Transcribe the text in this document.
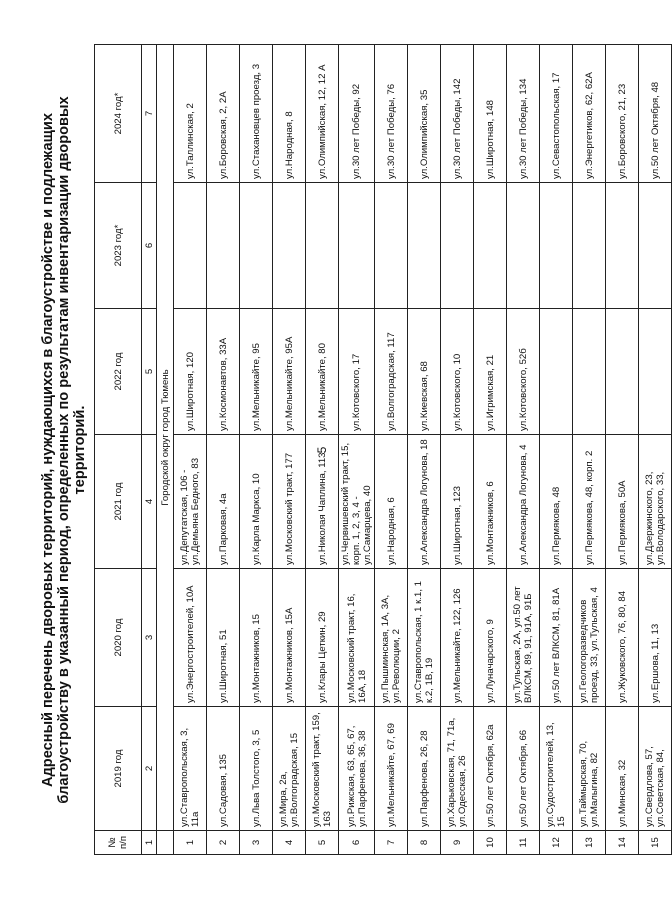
5
Адресный перечень дворовых территорий, нуждающихся в благоустройстве и подлежащих благоустройству в указанный период, определенных по результатам инвентаризации дворовых территорий.
№ п/п	2019 год	2020 год	2021 год	2022 год	2023 год*	2024 год*
1	2	3	4	5	6	7
	Городской округ город Тюмень					
1	ул.Ставропольская, 3, 11а	ул.Энергостроителей, 10А	ул.Депутатская, 106 - ул.Демьяна Бедного, 83	ул.Широтная, 120		ул.Таллинская, 2
2	ул.Садовая, 135	ул.Широтная, 51	ул.Парковая, 4а	ул.Космонавтов, 33А		ул.Боровская, 2, 2А
3	ул.Льва Толстого, 3, 5	ул.Монтажников, 15	ул.Карла Маркса, 10	ул.Мельникайте, 95		ул.Стахановцев проезд, 3
4	ул.Мира, 2а, ул.Волгоградская, 15	ул.Монтажников, 15А	ул.Московский тракт, 177	ул.Мельникайте, 95А		ул.Народная, 8
5	ул.Московский тракт, 159, 163	ул.Клары Цеткин, 29	ул.Николая Чаплина, 113	ул.Мельникайте, 80		ул.Олимпийская, 12, 12 А
6	ул.Рижская, 63, 65, 67, ул.Парфенова, 36, 38	ул.Московский тракт, 16, 16А, 18	ул.Червишевский тракт, 15, корп. 1, 2, 3, 4 - ул.Самарцева, 40	ул.Котовского, 17		ул.30 лет Победы, 92
7	ул.Мельникайте, 67, 69	ул.Пышминская, 1А, 3А, ул.Революции, 2	ул.Народная, 6	ул.Волгоградская, 117		ул.30 лет Победы, 76
8	ул.Парфенова, 26, 28	ул.Ставропольская, 1 к.1, 1 к.2, 1В, 19	ул.Александра Логунова, 18	ул.Киевская, 68		ул.Олимпийская, 35
9	ул.Харьковская, 71, 71а, ул.Одесская, 26	ул.Мельникайте, 122, 126	ул.Широтная, 123	ул.Котовского, 10		ул.30 лет Победы, 142
10	ул.50 лет Октября, 62а	ул.Луначарского, 9	ул.Монтажников, 6	ул.Игримская, 21		ул.Широтная, 148
11	ул.50 лет Октября, 66	ул.Тульская, 2А, ул.50 лет ВЛКСМ, 89, 91, 91А, 91Б	ул.Александра Логунова, 4	ул.Котовского, 52б		ул.30 лет Победы, 134
12	ул.Судостроителей, 13, 15	ул.50 лет ВЛКСМ, 81, 81А	ул.Пермякова, 48			ул.Севастопольская, 17
13	ул.Таймырская, 70, ул.Малыгина, 82	ул.Геологоразведчиков проезд, 33, ул.Тульская, 4	ул.Пермякова, 48, корп. 2			ул.Энергетиков, 62, 62А
14	ул.Минская, 32	ул.Жуковского, 76, 80, 84	ул.Пермякова, 50А			ул.Боровского, 21, 23
15	ул.Свердлова, 57, ул.Советская, 84,	ул.Ершова, 11, 13	ул.Дзержинского, 23, ул.Володарского, 33,			ул.50 лет Октября, 48
